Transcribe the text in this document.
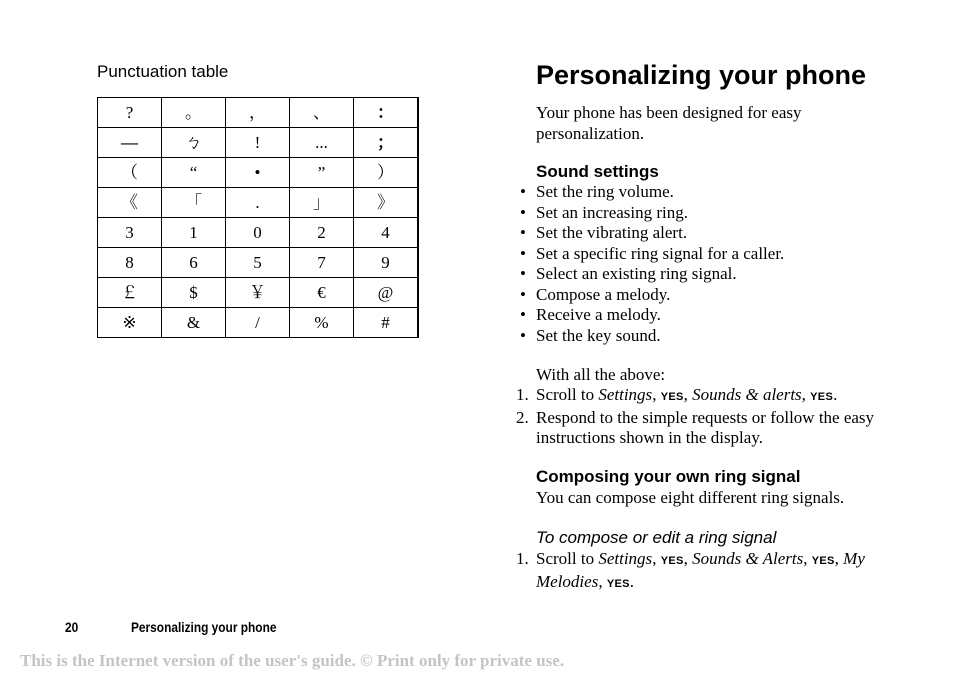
Punctuation table
?	。	，	、	：
—	ㄅ	!	...	；
（	“	•	”	）
《	「	.	」	》
3	1	0	2	4
8	6	5	7	9
￡	$	￥	€	@
※	&	/	%	#
Personalizing your phone
Your phone has been designed for easy personalization.
Sound settings
• Set the ring volume.
• Set an increasing ring.
• Set the vibrating alert.
• Set a specific ring signal for a caller.
• Select an existing ring signal.
• Compose a melody.
• Receive a melody.
• Set the key sound.
With all the above:
1. Scroll to Settings, YES, Sounds & alerts, YES.
2. Respond to the simple requests or follow the easy instructions shown in the display.
Composing your own ring signal
You can compose eight different ring signals.
To compose or edit a ring signal
1. Scroll to Settings, YES, Sounds & Alerts, YES, My Melodies, YES.
20	Personalizing your phone
This is the Internet version of the user's guide. © Print only for private use.
